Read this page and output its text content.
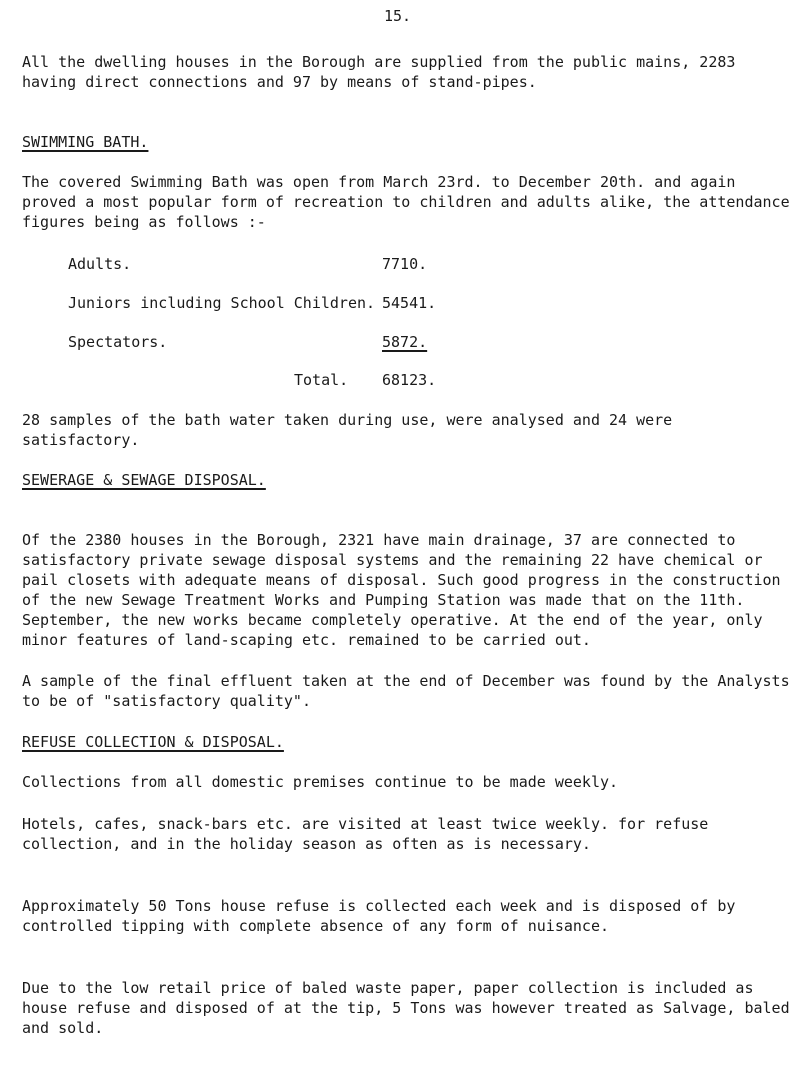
15.
All the dwelling houses in the Borough are supplied from the public mains, 2283 having direct connections and 97 by means of stand-pipes.
SWIMMING BATH.
The covered Swimming Bath was open from March 23rd. to December 20th. and again proved a most popular form of recreation to children and adults alike, the attendance figures being as follows :-
Adults.	7710.
Juniors including School Children. 54541.
Spectators.	5872.
Total. 68123.
28 samples of the bath water taken during use, were analysed and 24 were satisfactory.
SEWERAGE & SEWAGE DISPOSAL.
Of the 2380 houses in the Borough, 2321 have main drainage, 37 are connected to satisfactory private sewage disposal systems and the remaining 22 have chemical or pail closets with adequate means of disposal. Such good progress in the construction of the new Sewage Treatment Works and Pumping Station was made that on the 11th. September, the new works became completely operative. At the end of the year, only minor features of land-scaping etc. remained to be carried out.
A sample of the final effluent taken at the end of December was found by the Analysts to be of "satisfactory quality".
REFUSE COLLECTION & DISPOSAL.
Collections from all domestic premises continue to be made weekly.
Hotels, cafes, snack-bars etc. are visited at least twice weekly. for refuse collection, and in the holiday season as often as is necessary.
Approximately 50 Tons house refuse is collected each week and is disposed of by controlled tipping with complete absence of any form of nuisance.
Due to the low retail price of baled waste paper, paper collection is included as house refuse and disposed of at the tip, 5 Tons was however treated as Salvage, baled and sold.
